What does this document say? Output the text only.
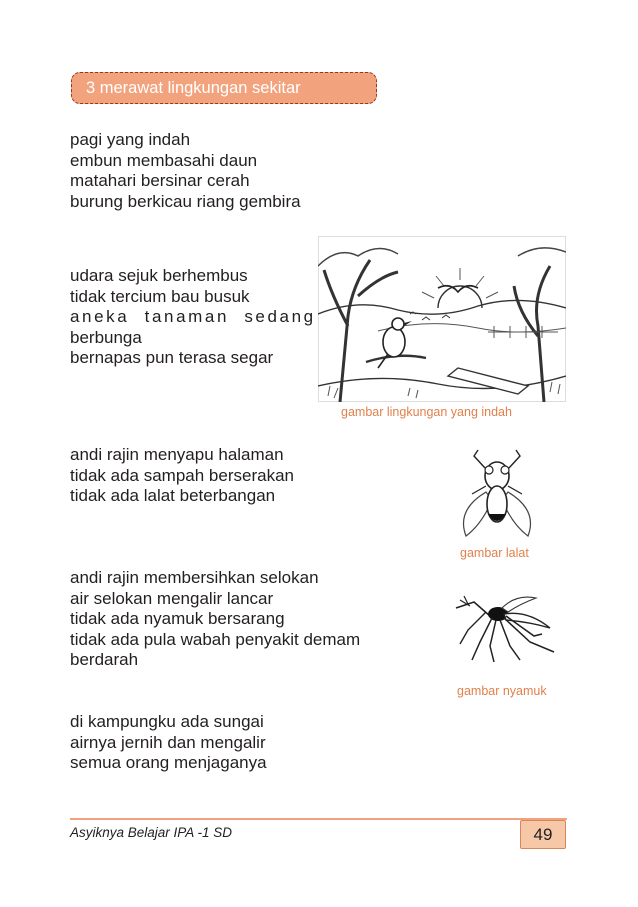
3 merawat lingkungan sekitar
pagi yang indah
embun membasahi daun
matahari bersinar cerah
burung berkicau riang gembira
udara sejuk berhembus
tidak tercium bau busuk
aneka tanaman sedang
berbunga
bernapas pun terasa segar
gambar lingkungan yang indah
andi rajin menyapu halaman
tidak ada sampah berserakan
tidak ada lalat beterbangan
gambar lalat
andi rajin membersihkan selokan
air selokan mengalir lancar
tidak ada nyamuk bersarang
tidak ada pula wabah penyakit demam
berdarah
gambar nyamuk
di kampungku ada sungai
airnya jernih dan mengalir
semua orang menjaganya
Asyiknya Belajar IPA -1 SD	49
